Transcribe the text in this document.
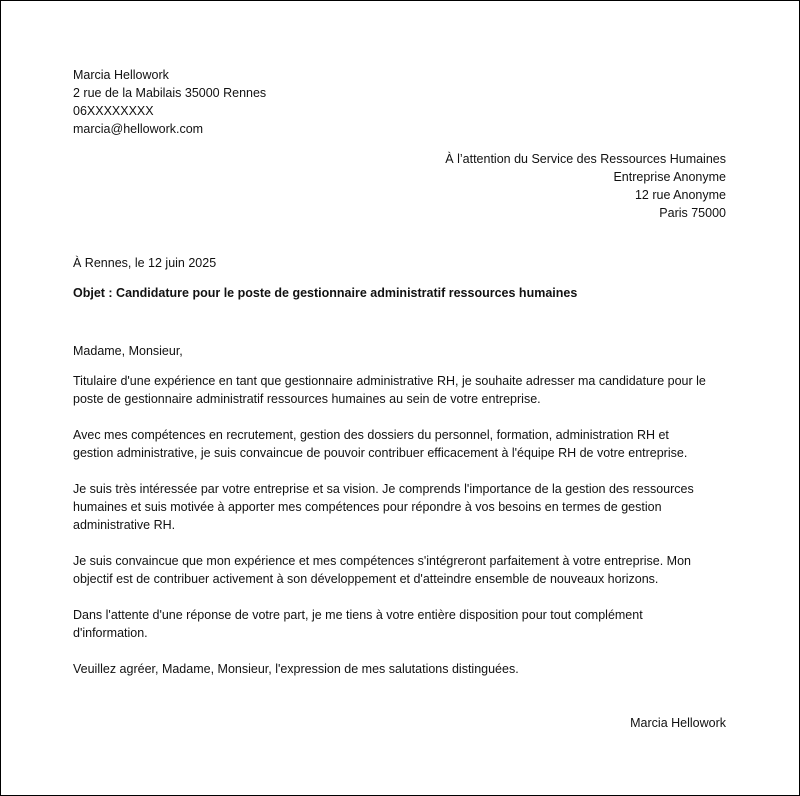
Marcia Hellowork
2 rue de la Mabilais 35000 Rennes
06XXXXXXXX
marcia@hellowork.com
À l’attention du Service des Ressources Humaines
Entreprise Anonyme
12 rue Anonyme
Paris 75000
À Rennes, le 12 juin 2025
Objet : Candidature pour le poste de gestionnaire administratif ressources humaines
Madame, Monsieur,

Titulaire d'une expérience en tant que gestionnaire administrative RH, je souhaite adresser ma candidature pour le
poste de gestionnaire administratif ressources humaines au sein de votre entreprise.

Avec mes compétences en recrutement, gestion des dossiers du personnel, formation, administration RH et
gestion administrative, je suis convaincue de pouvoir contribuer efficacement à l'équipe RH de votre entreprise.

Je suis très intéressée par votre entreprise et sa vision. Je comprends l'importance de la gestion des ressources
humaines et suis motivée à apporter mes compétences pour répondre à vos besoins en termes de gestion
administrative RH.

Je suis convaincue que mon expérience et mes compétences s'intégreront parfaitement à votre entreprise. Mon
objectif est de contribuer activement à son développement et d'atteindre ensemble de nouveaux horizons.

Dans l'attente d'une réponse de votre part, je me tiens à votre entière disposition pour tout complément
d'information.

Veuillez agréer, Madame, Monsieur, l'expression de mes salutations distinguées.

Marcia Hellowork
